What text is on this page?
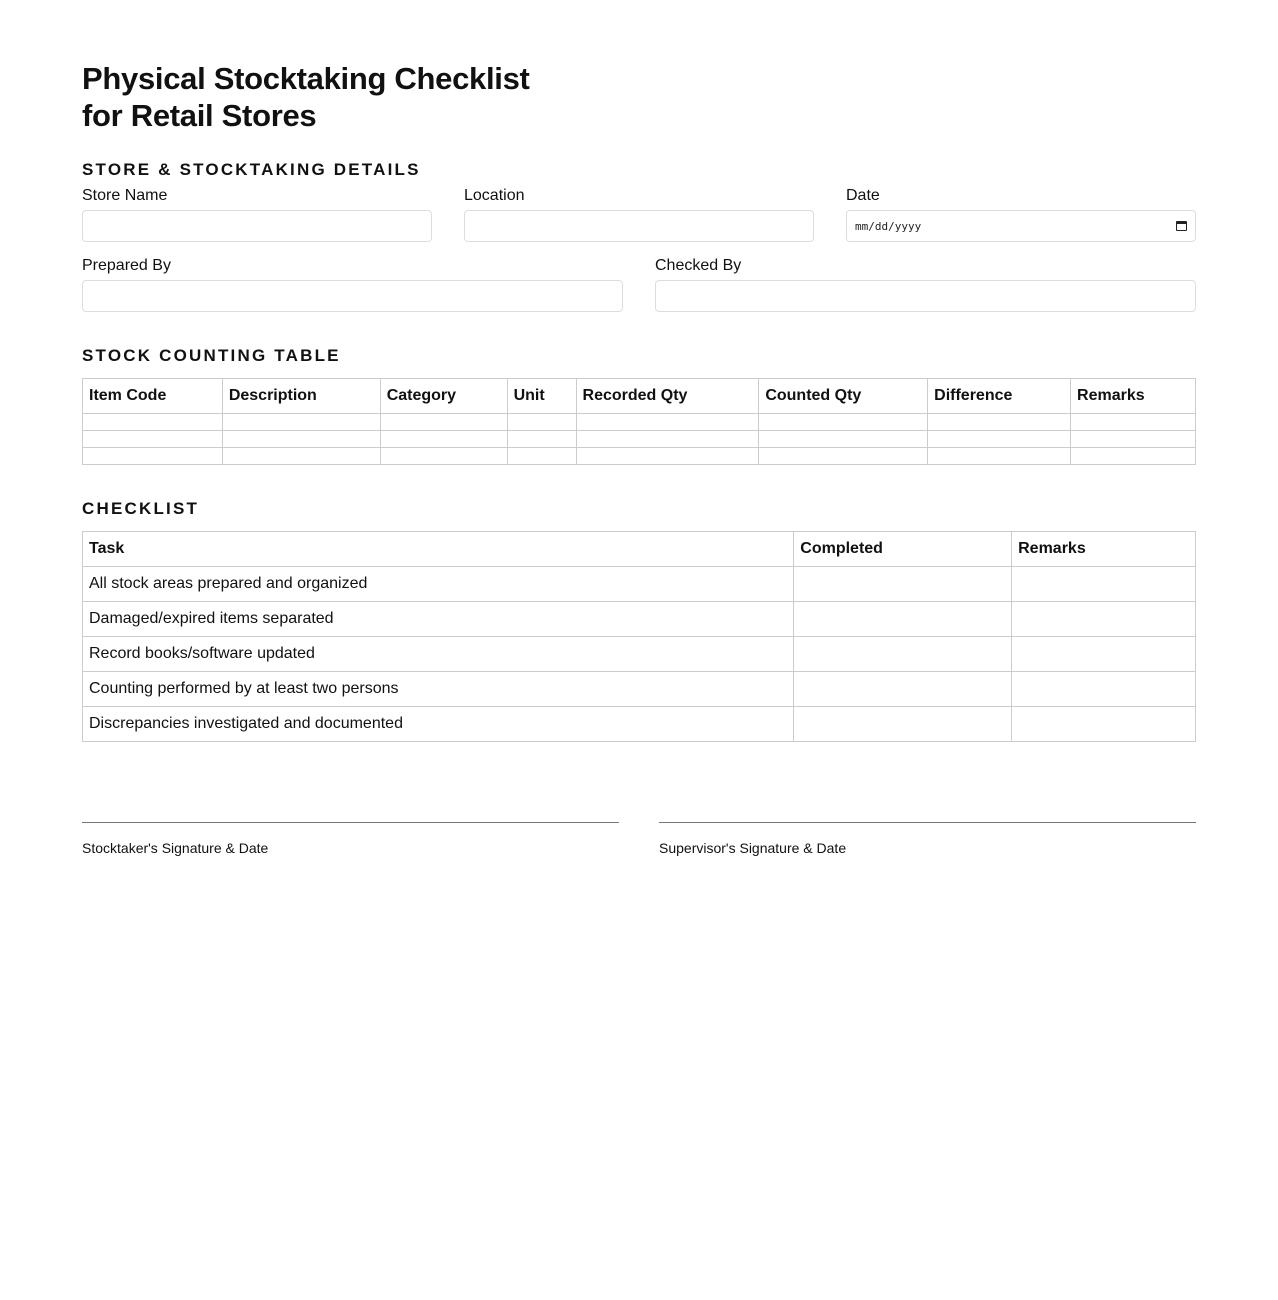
Physical Stocktaking Checklist for Retail Stores
STORE & STOCKTAKING DETAILS
Store Name	Location	Date
mm/dd/yyyy
Prepared By	Checked By
STOCK COUNTING TABLE
Item Code	Description	Category	Unit	Recorded Qty	Counted Qty	Difference	Remarks

CHECKLIST
Task	Completed	Remarks
All stock areas prepared and organized		
Damaged/expired items separated		
Record books/software updated		
Counting performed by at least two persons		
Discrepancies investigated and documented		
Stocktaker's Signature & Date	Supervisor's Signature & Date
